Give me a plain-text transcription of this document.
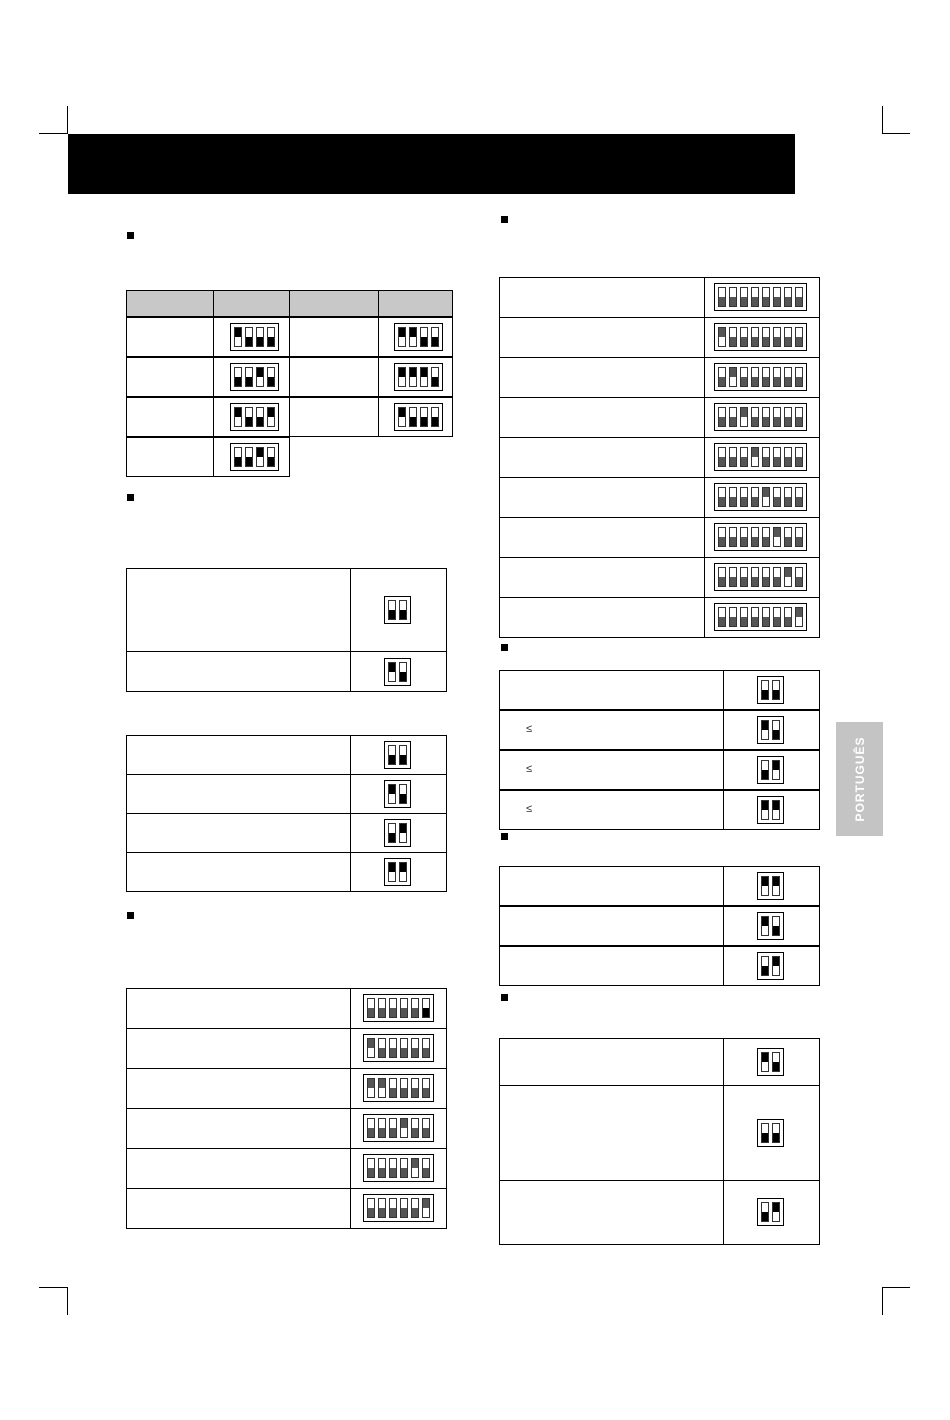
PORTUGUÊS
≤
≤
≤
